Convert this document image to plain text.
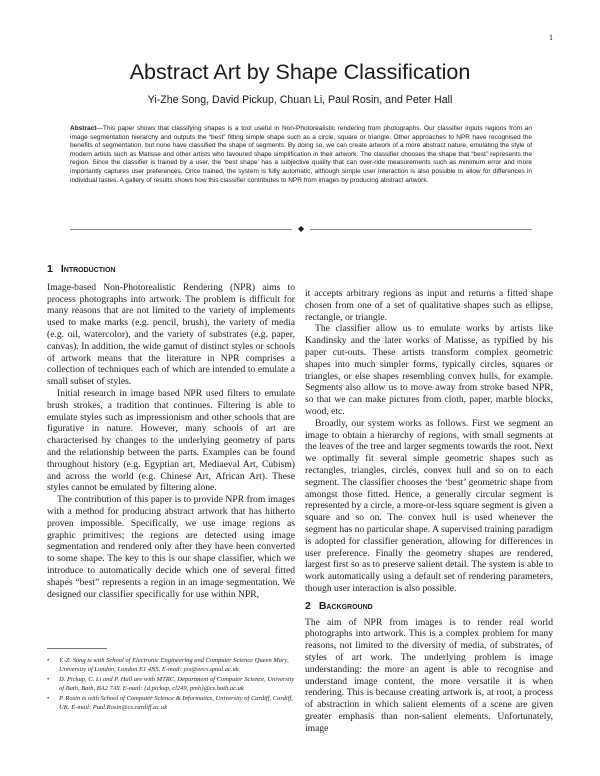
1
Abstract Art by Shape Classification
Yi-Zhe Song, David Pickup, Chuan Li, Paul Rosin, and Peter Hall

Abstract—This paper shows that classifying shapes is a tool useful in Non-Photorealistic rendering from photographs. Our classifier inputs regions from an image segmentation hierarchy and outputs the “best” fitting simple shape such as a circle, square or triangle. Other approaches to NPR have recognised the benefits of segmentation, but none have classified the shape of segments. By doing so, we can create artwork of a more abstract nature, emulating the style of modern artists such as Matisse and other artists who favoured shape simplification in their artwork. The classifier chooses the shape that “best” represents the region. Since the classifier is trained by a user, the ‘best shape’ has a subjective quality that can over-ride measurements such as minimum error and more importantly captures user preferences. Once trained, the system is fully automatic, although simple user interaction is also possible to allow for differences in individual tastes. A gallery of results shows how this classifier contributes to NPR from images by producing abstract artwork.

◆
1 Introduction

Image-based Non-Photorealistic Rendering (NPR) aims to process photographs into artwork. The problem is difficult for many reasons that are not limited to the variety of implements used to make marks (e.g. pencil, brush), the variety of media (e.g. oil, watercolor), and the variety of substrates (e.g. paper, canvas). In addition, the wide gamut of distinct styles or schools of artwork means that the literature in NPR comprises a collection of techniques each of which are intended to emulate a small subset of styles.

Initial research in image based NPR used filters to emulate brush strokes, a tradition that continues. Filtering is able to emulate styles such as impressionism and other schools that are figurative in nature. However, many schools of art are characterised by changes to the underlying geometry of parts and the relationship between the parts. Examples can be found throughout history (e.g. Egyptian art, Mediaeval Art, Cubism) and across the world (e.g. Chinese Art, African Art). These styles cannot be emulated by filtering alone.

The contribution of this paper is to provide NPR from images with a method for producing abstract artwork that has hitherto proven impossible. Specifically, we use image regions as graphic primitives; the regions are detected using image segmentation and rendered only after they have been converted to some shape. The key to this is our shape classifier, which we introduce to automatically decide which one of several fitted shapes “best” represents a region in an image segmentation. We designed our classifier specifically for use within NPR,

• Y.-Z. Song is with School of Electronic Engineering and Computer Science Queen Mary, University of London, London E1 4NS. E-mail: yzs@eecs.qmul.ac.uk
• D. Pickup, C. Li and P. Hall are with MTRC, Department of Computer Science, University of Bath, Bath, BA2 7AY. E-mail: {d.pickup, cl249, pmh}@cs.bath.ac.uk
• P. Rosin is with School of Computer Science & Informatics, University of Cardiff, Cardiff, UK. E-mail: Paul.Rosin@cs.cardiff.ac.uk

it accepts arbitrary regions as input and returns a fitted shape chosen from one of a set of qualitative shapes such as ellipse, rectangle, or triangle.

The classifier allow us to emulate works by artists like Kandinsky and the later works of Matisse, as typified by his paper cut-outs. These artists transform complex geometric shapes into much simpler forms, typically circles, squares or triangles, or else shapes resembling convex hulls, for example. Segments also allow us to move away from stroke based NPR, so that we can make pictures from cloth, paper, marble blocks, wood, etc.

Broadly, our system works as follows. First we segment an image to obtain a hierarchy of regions, with small segments at the leaves of the tree and larger segments towards the root. Next we optimally fit several simple geometric shapes such as rectangles, triangles, circles, convex hull and so on to each segment. The classifier chooses the ‘best’ geometric shape from amongst those fitted. Hence, a generally circular segment is represented by a circle, a more-or-less square segment is given a square and so on. The convex hull is used whenever the segment has no particular shape. A supervised training paradigm is adopted for classifier generation, allowing for differences in user preference. Finally the geometry shapes are rendered, largest first so as to preserve salient detail. The system is able to work automatically using a default set of rendering parameters, though user interaction is also possible.

2 Background

The aim of NPR from images is to render real world photographs into artwork. This is a complex problem for many reasons, not limited to the diversity of media, of substrates, of styles of art work. The underlying problem is image understanding: the more an agent is able to recognise and understand image content, the more versatile it is when rendering. This is because creating artwork is, at root, a process of abstraction in which salient elements of a scene are given greater emphasis than non-salient elements. Unfortunately, image
